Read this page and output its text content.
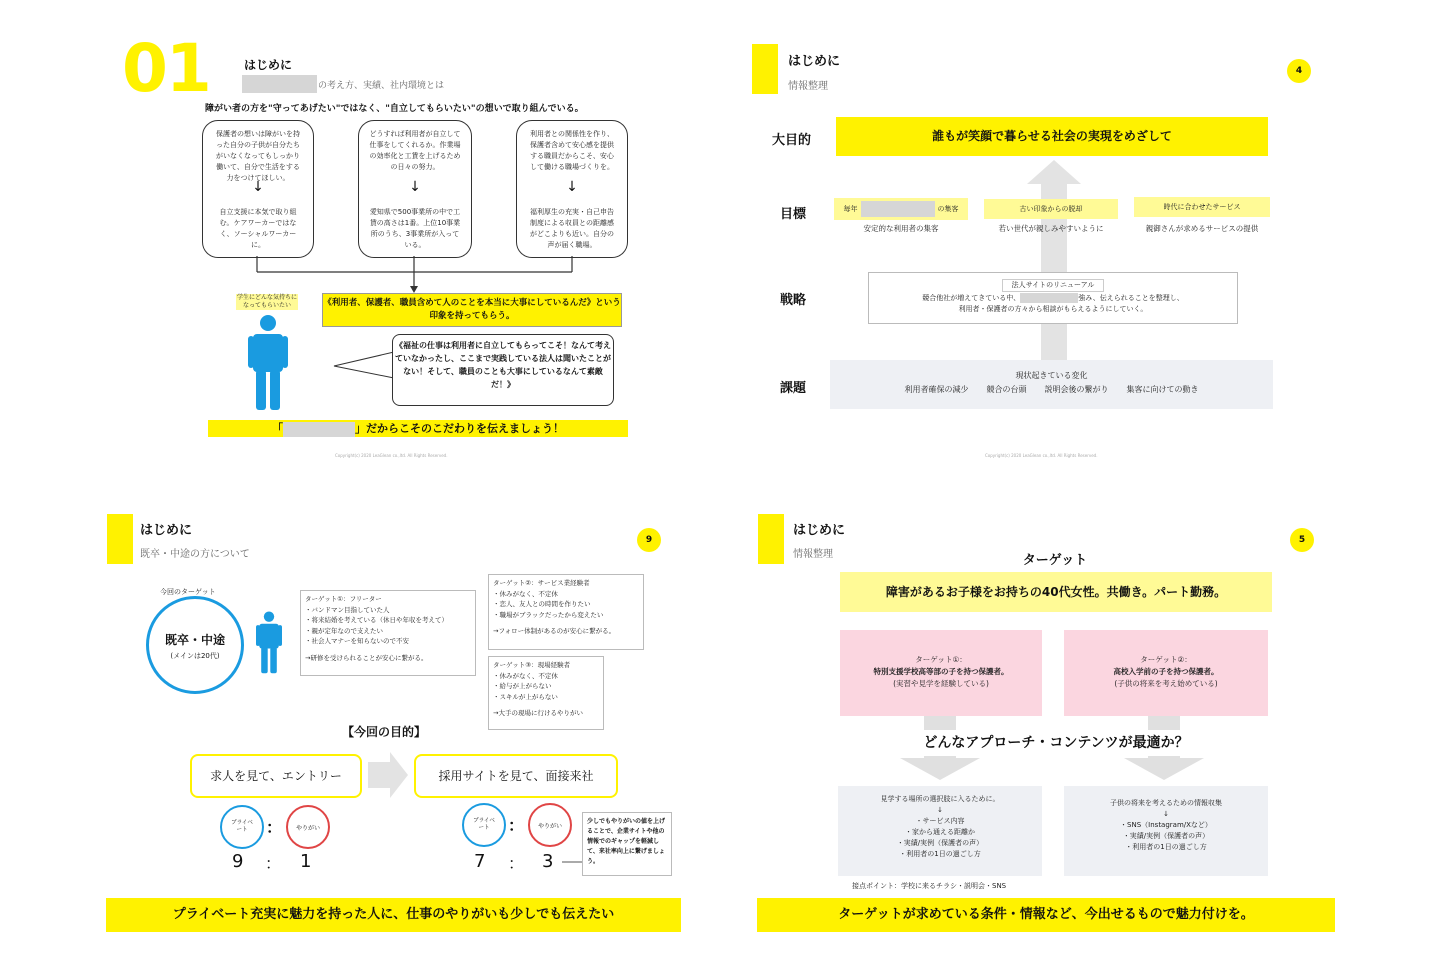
01	はじめに
の考え方、実績、社内環境とは
障がい者の方を"守ってあげたい"ではなく、"自立してもらいたい"の想いで取り組んでいる。
保護者の想いは障がいを持った自分の子供が自分たちがいなくなってもしっかり働いて、自分で生活をする力をつけてほしい。
↓
自立支援に本気で取り組む。ケアワーカーではなく、ソーシャルワーカーに。
どうすれば利用者が自立して仕事をしてくれるか。作業場の効率化と工賃を上げるための日々の努力。
↓
愛知県で500事業所の中で工賃の高さは1番。上位10事業所のうち、3事業所が入っている。
利用者との関係性を作り、保護者含めて安心感を提供する職員だからこそ、安心して働ける職場づくりを。
↓
福利厚生の充実・自己申告制度による収員との距離感がどこよりも近い。自分の声が届く職場。
学生にどんな気持ちになってもらいたい	《利用者、保護者、職員含めて人のことを本当に大事にしているんだ》という印象を持ってもらう。
《福祉の仕事は利用者に自立してもらってこそ！なんて考えていなかったし、ここまで実践している法人は聞いたことがない！そして、職員のことも大事にしているなんて素敵だ！》
「	」だからこそのこだわりを伝えましょう！
Copyright(c) 2020 LeaGlean co.,ltd. All Rights Reserved.
はじめに
情報整理
4
大目的
目標
戦略
課題
誰もが笑顔で暮らせる社会の実現をめざして
毎年	の集客
安定的な利用者の集客
古い印象からの脱却
若い世代が親しみやすいように
時代に合わせたサービス
親御さんが求めるサービスの提供
法人サイトのリニューアル
競合他社が増えてきている中、	強み、伝えられることを整理し、
利用者・保護者の方々から相談がもらえるようにしていく。
現状起きている変化
利用者確保の減少 競合の台頭 説明会後の繋がり 集客に向けての動き
Copyright(c) 2020 LeaGlean co.,ltd. All Rights Reserved.
はじめに
既卒・中途の方について
9
今回のターゲット
既卒・中途
(メインは20代)
ターゲット①：フリーター
・バンドマン目指していた人
・将来結婚を考えている（休日や年収を考えて）
・親が定年なので支えたい
・社会人マナーを知らないので不安
→研修を受けられることが安心に繋がる。
ターゲット②：サービス業経験者
・休みがなく、不定休
・恋人、友人との時間を作りたい
・職場がブラックだったから変えたい
→フォロー体制があるのが安心に繋がる。
ターゲット③：現場経験者
・休みがなく、不定休
・給与が上がらない
・スキルが上がらない
→大手の現場に行けるやりがい
【今回の目的】
求人を見て、エントリー	採用サイトを見て、面接来社
プライベート	： やりがい
9 ： 1
プライベート	： やりがい
7 ： 3
少しでもやりがいの値を上げることで、企業サイトや他の情報でのギャップを軽減して、来社率向上に繋げましょう。
プライベート充実に魅力を持った人に、仕事のやりがいも少しでも伝えたい
はじめに
情報整理
5
ターゲット
障害があるお子様をお持ちの40代女性。共働き。パート勤務。
ターゲット①：
特別支援学校高等部の子を持つ保護者。
(実習や見学を経験している)
ターゲット②：
高校入学前の子を持つ保護者。
(子供の将来を考え始めている)
どんなアプローチ・コンテンツが最適か？
見学する場所の選択肢に入るために。
↓
・サービス内容
・家から通える距離か
・実績/実例（保護者の声）
・利用者の1日の過ごし方
子供の将来を考えるための情報収集
↓
・SNS（Instagram/Xなど）
・実績/実例（保護者の声）
・利用者の1日の過ごし方
接点ポイント：学校に来るチラシ・説明会・SNS
ターゲットが求めている条件・情報など、今出せるもので魅力付けを。
